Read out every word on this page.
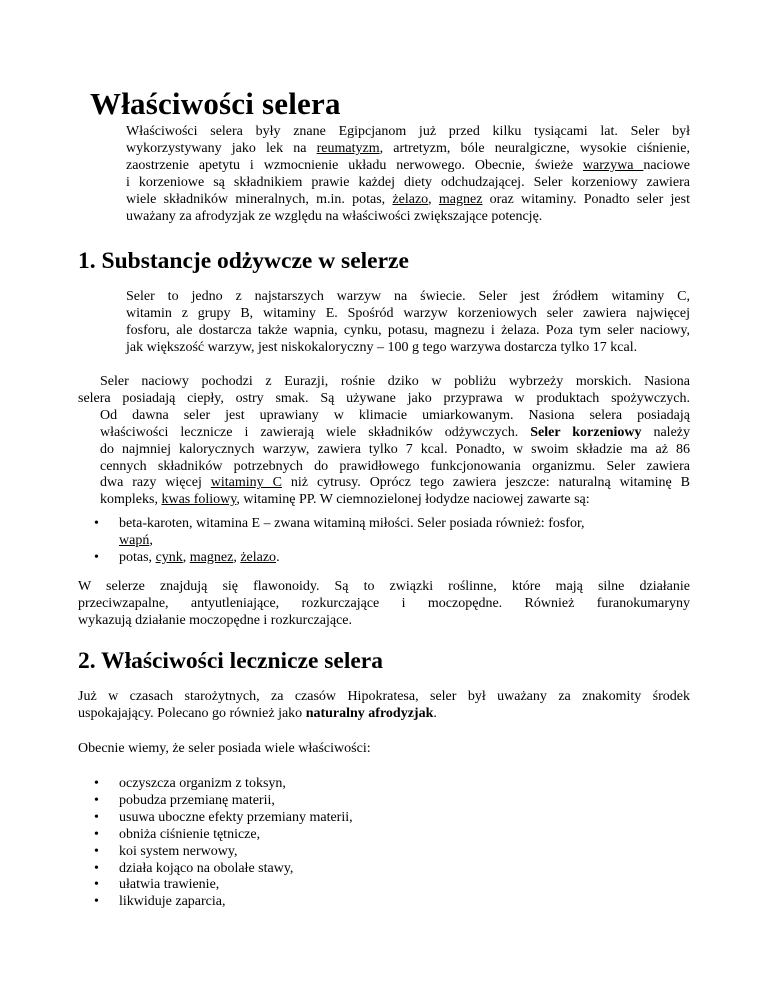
Właściwości selera

Właściwości selera były znane Egipcjanom już przed kilku tysiącami lat. Seler był
wykorzystywany jako lek na reumatyzm, artretyzm, bóle neuralgiczne, wysokie ciśnienie,
zaostrzenie apetytu i wzmocnienie układu nerwowego. Obecnie, świeże warzywa naciowe
i korzeniowe są składnikiem prawie każdej diety odchudzającej. Seler korzeniowy zawiera
wiele składników mineralnych, m.in. potas, żelazo, magnez oraz witaminy. Ponadto seler jest
uważany za afrodyzjak ze względu na właściwości zwiększające potencję.

1. Substancje odżywcze w selerze

Seler to jedno z najstarszych warzyw na świecie. Seler jest źródłem witaminy C,
witamin z grupy B, witaminy E. Spośród warzyw korzeniowych seler zawiera najwięcej
fosforu, ale dostarcza także wapnia, cynku, potasu, magnezu i żelaza. Poza tym seler naciowy,
jak większość warzyw, jest niskokaloryczny – 100 g tego warzywa dostarcza tylko 17 kcal.

Seler naciowy pochodzi z Eurazji, rośnie dziko w pobliżu wybrzeży morskich. Nasiona
selera posiadają ciepły, ostry smak. Są używane jako przyprawa w produktach spożywczych.
Od dawna seler jest uprawiany w klimacie umiarkowanym. Nasiona selera posiadają
właściwości lecznicze i zawierają wiele składników odżywczych. Seler korzeniowy należy
do najmniej kalorycznych warzyw, zawiera tylko 7 kcal. Ponadto, w swoim składzie ma aż 86
cennych składników potrzebnych do prawidłowego funkcjonowania organizmu. Seler zawiera
dwa razy więcej witaminy C niż cytrusy. Oprócz tego zawiera jeszcze: naturalną witaminę B
kompleks, kwas foliowy, witaminę PP. W ciemnozielonej łodydze naciowej zawarte są:

• beta-karoten, witamina E – zwana witaminą miłości. Seler posiada również: fosfor,
wapń,
• potas, cynk, magnez, żelazo.

W selerze znajdują się flawonoidy. Są to związki roślinne, które mają silne działanie
przeciwzapalne, antyutleniające, rozkurczające i moczopędne. Również furanokumaryny
wykazują działanie moczopędne i rozkurczające.

2. Właściwości lecznicze selera

Już w czasach starożytnych, za czasów Hipokratesa, seler był uważany za znakomity środek
uspokajający. Polecano go również jako naturalny afrodyzjak.

Obecnie wiemy, że seler posiada wiele właściwości:

• oczyszcza organizm z toksyn,
• pobudza przemianę materii,
• usuwa uboczne efekty przemiany materii,
• obniża ciśnienie tętnicze,
• koi system nerwowy,
• działa kojąco na obolałe stawy,
• ułatwia trawienie,
• likwiduje zaparcia,
